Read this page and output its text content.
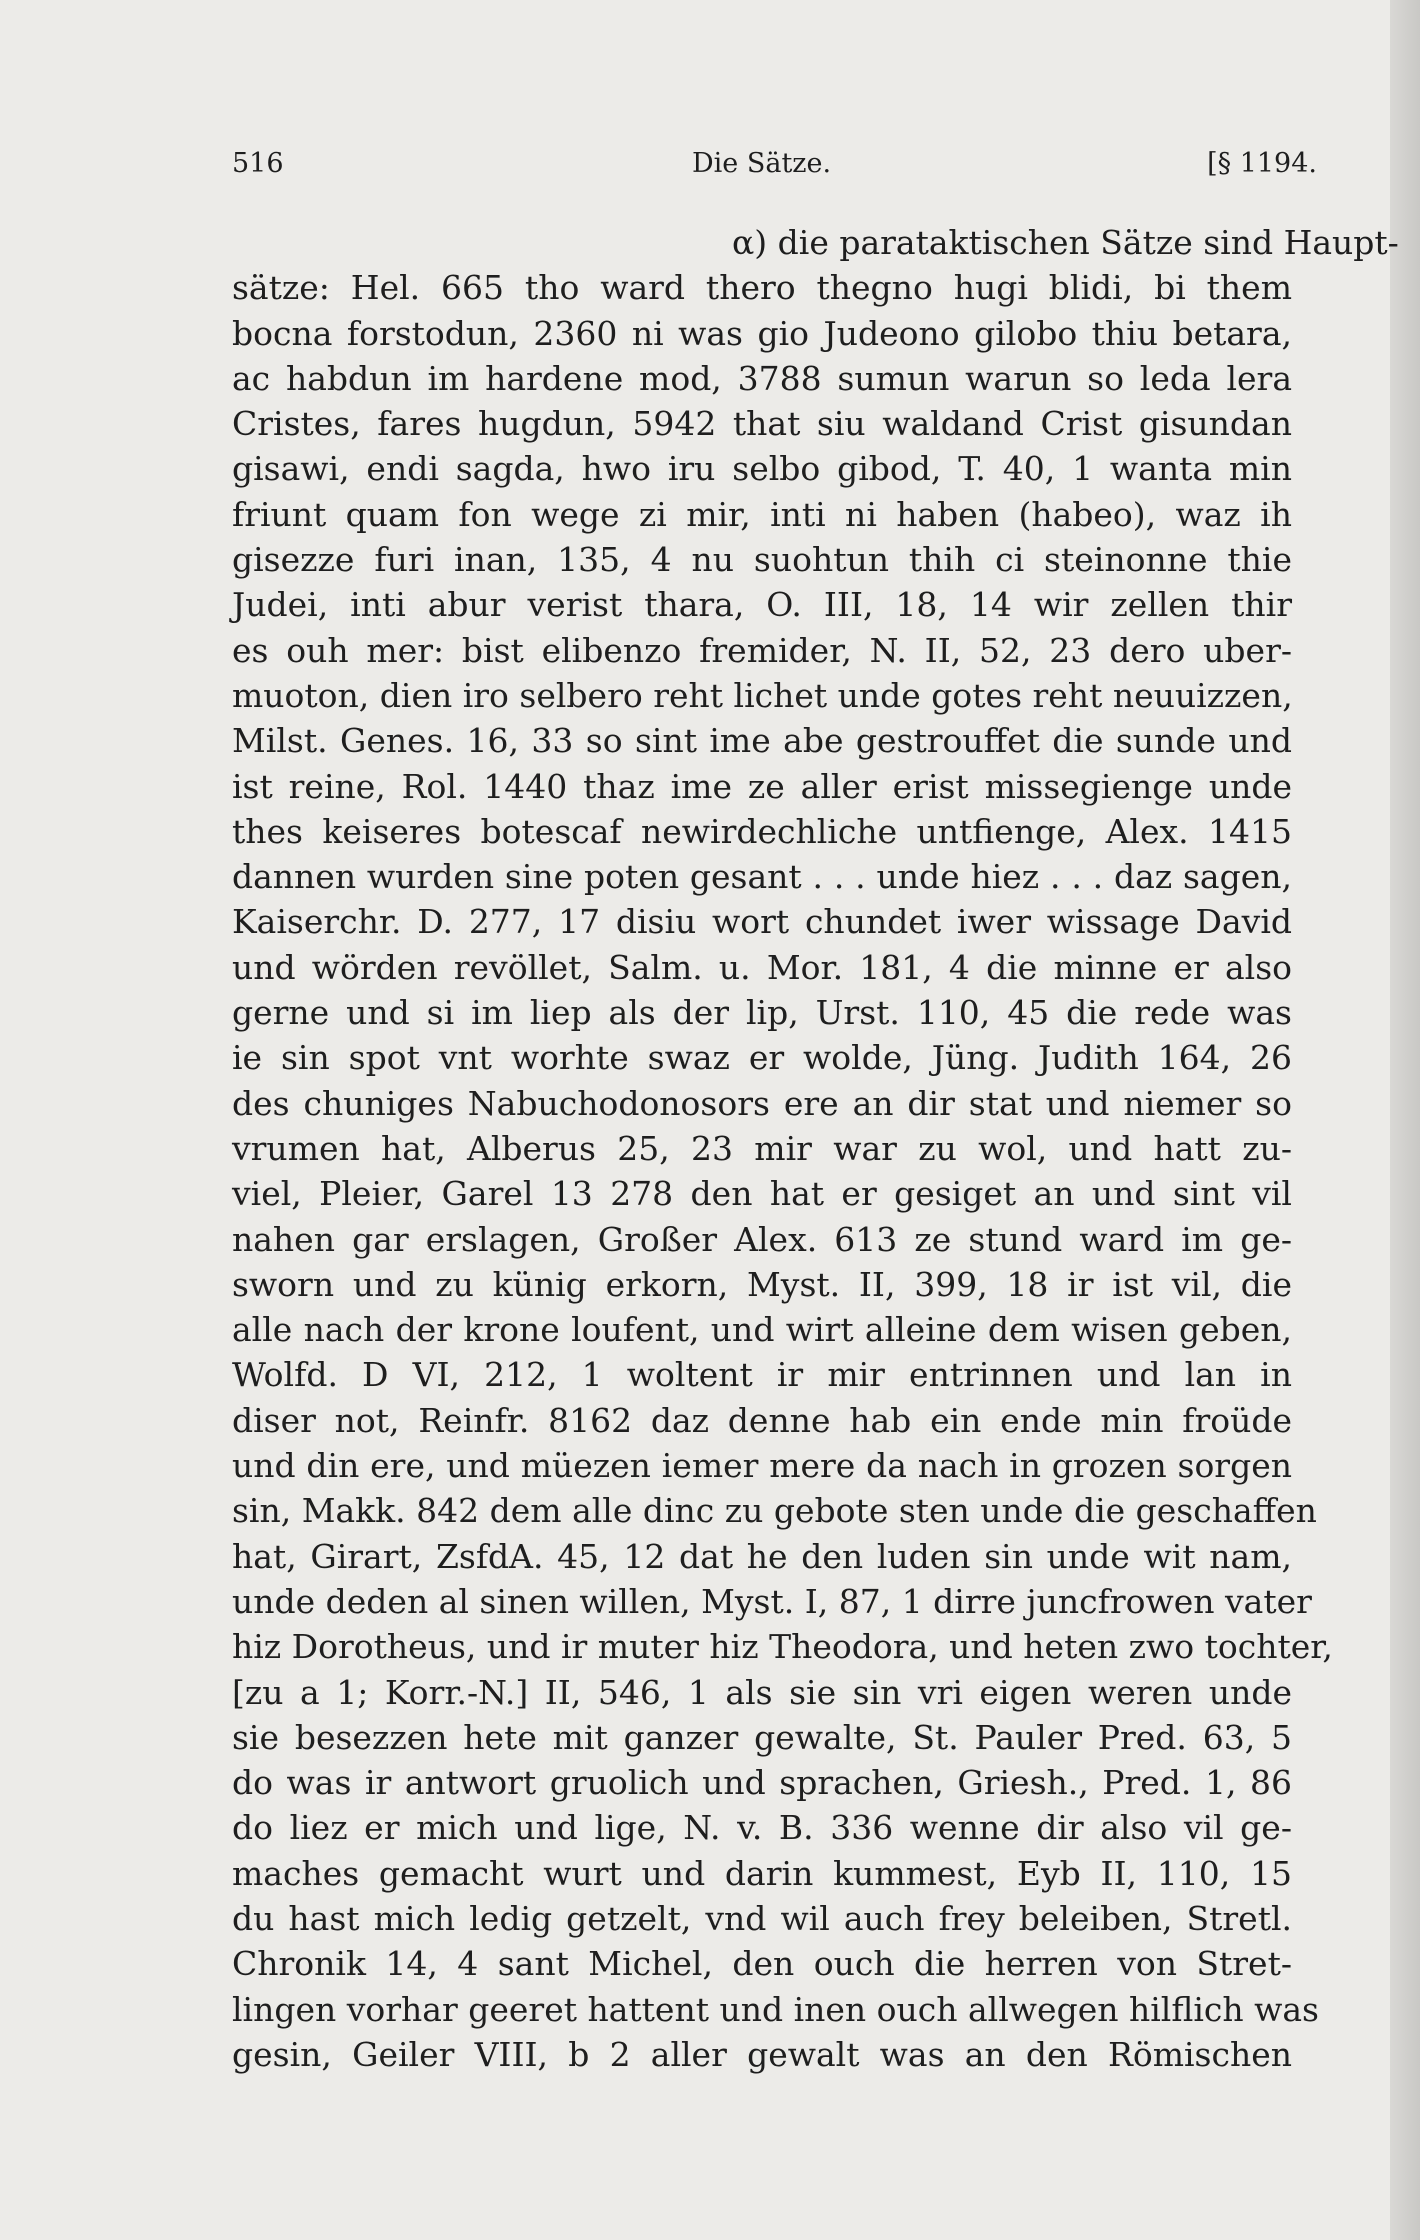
516	Die Sätze.	[§ 1194.
α) die parataktischen Sätze sind Haupt-
sätze: Hel. 665 tho ward thero thegno hugi blidi, bi them
bocna forstodun, 2360 ni was gio Judeono gilobo thiu betara,
ac habdun im hardene mod, 3788 sumun warun so leda lera
Cristes, fares hugdun, 5942 that siu waldand Crist gisundan
gisawi, endi sagda, hwo iru selbo gibod, T. 40, 1 wanta min
friunt quam fon wege zi mir, inti ni haben (habeo), waz ih
gisezze furi inan, 135, 4 nu suohtun thih ci steinonne thie
Judei, inti abur verist thara, O. III, 18, 14 wir zellen thir
es ouh mer: bist elibenzo fremider, N. II, 52, 23 dero uber-
muoton, dien iro selbero reht lichet unde gotes reht neuuizzen,
Milst. Genes. 16, 33 so sint ime abe gestrouffet die sunde und
ist reine, Rol. 1440 thaz ime ze aller erist missegienge unde
thes keiseres botescaf newirdechliche untfienge, Alex. 1415
dannen wurden sine poten gesant . . . unde hiez . . . daz sagen,
Kaiserchr. D. 277, 17 disiu wort chundet iwer wissage David
und wörden revöllet, Salm. u. Mor. 181, 4 die minne er also
gerne und si im liep als der lip, Urst. 110, 45 die rede was
ie sin spot vnt worhte swaz er wolde, Jüng. Judith 164, 26
des chuniges Nabuchodonosors ere an dir stat und niemer so
vrumen hat, Alberus 25, 23 mir war zu wol, und hatt zu-
viel, Pleier, Garel 13 278 den hat er gesiget an und sint vil
nahen gar erslagen, Großer Alex. 613 ze stund ward im ge-
sworn und zu künig erkorn, Myst. II, 399, 18 ir ist vil, die
alle nach der krone loufent, und wirt alleine dem wisen geben,
Wolfd. D VI, 212, 1 woltent ir mir entrinnen und lan in
diser not, Reinfr. 8162 daz denne hab ein ende min froüde
und din ere, und müezen iemer mere da nach in grozen sorgen
sin, Makk. 842 dem alle dinc zu gebote sten unde die geschaffen
hat, Girart, ZsfdA. 45, 12 dat he den luden sin unde wit nam,
unde deden al sinen willen, Myst. I, 87, 1 dirre juncfrowen vater
hiz Dorotheus, und ir muter hiz Theodora, und heten zwo tochter,
[zu a 1; Korr.-N.] II, 546, 1 als sie sin vri eigen weren unde
sie besezzen hete mit ganzer gewalte, St. Pauler Pred. 63, 5
do was ir antwort gruolich und sprachen, Griesh., Pred. 1, 86
do liez er mich und lige, N. v. B. 336 wenne dir also vil ge-
maches gemacht wurt und darin kummest, Eyb II, 110, 15
du hast mich ledig getzelt, vnd wil auch frey beleiben, Stretl.
Chronik 14, 4 sant Michel, den ouch die herren von Stret-
lingen vorhar geeret hattent und inen ouch allwegen hilflich was
gesin, Geiler VIII, b 2 aller gewalt was an den Römischen
